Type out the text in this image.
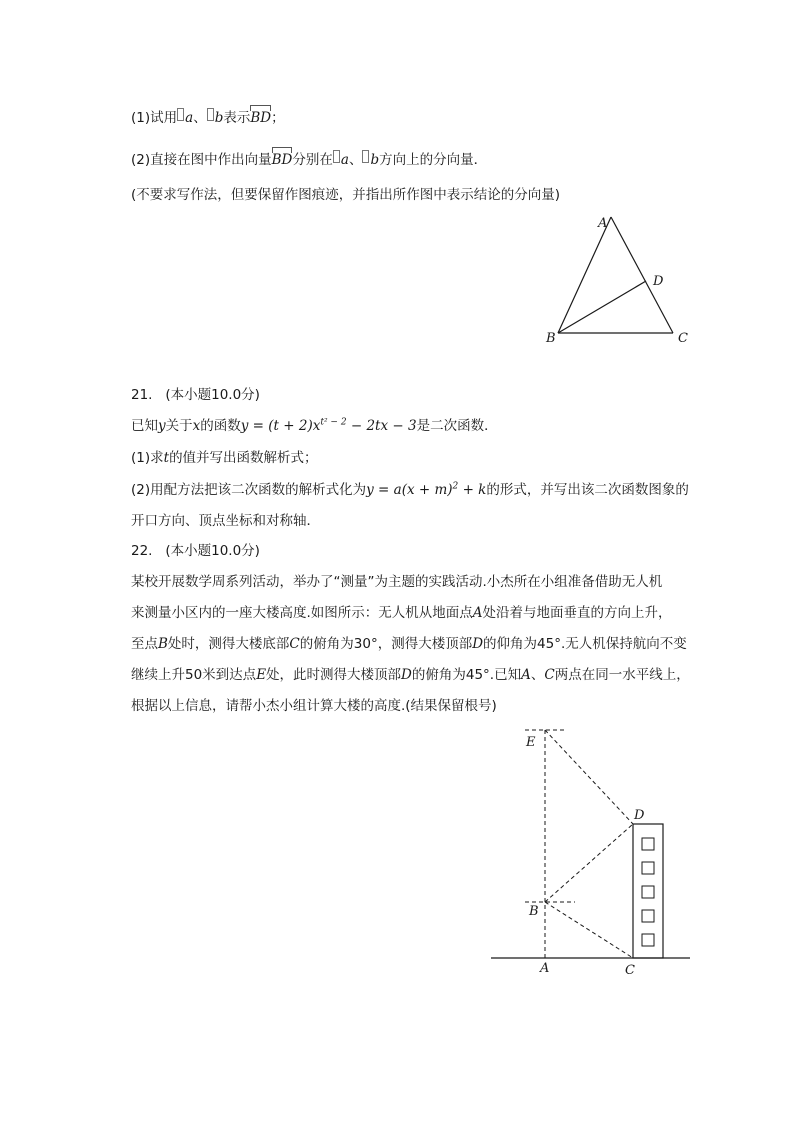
(1)试用 a、 b表示BD；
(2)直接在图中作出向量BD分别在 a、 b方向上的分向量．
(不要求写作法，但要保留作图痕迹，并指出所作图中表示结论的分向量)
A
D
B	C
21. (本小题10.0分)
已知y关于x的函数$y = (t + 2)x^{t^2 - 2} - 2tx - 3$是二次函数．
(1)求t的值并写出函数解析式；
(2)用配方法把该二次函数的解析式化为$y = a(x + m)^2 + k$的形式，并写出该二次函数图象的
开口方向、顶点坐标和对称轴．
22. (本小题10.0分)
某校开展数学周系列活动，举办了“测量”为主题的实践活动.小杰所在小组准备借助无人机
来测量小区内的一座大楼高度.如图所示：无人机从地面点A处沿着与地面垂直的方向上升，
至点B处时，测得大楼底部C的俯角为30°，测得大楼顶部D的仰角为45°.无人机保持航向不变
继续上升50米到达点E处，此时测得大楼顶部D的俯角为45°.已知A、C两点在同一水平线上，
根据以上信息，请帮小杰小组计算大楼的高度.(结果保留根号)
E
D
B
A	C
